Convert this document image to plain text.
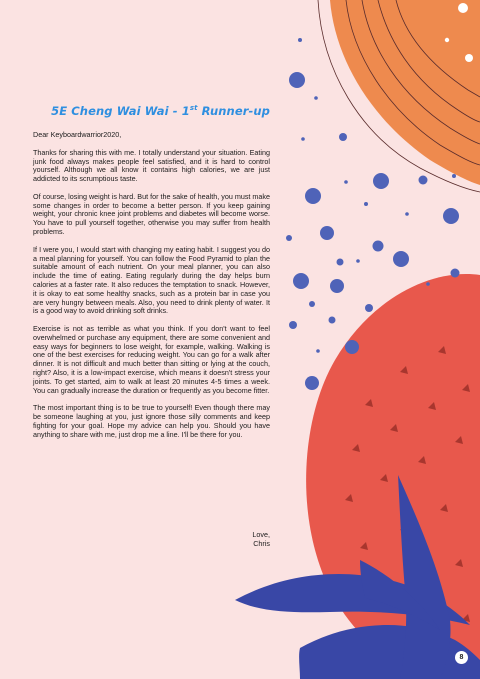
5E Cheng Wai Wai - 1st Runner-up

Dear Keyboardwarrior2020,

Thanks for sharing this with me. I totally understand your situation. Eating junk food always makes people feel satisfied, and it is hard to control yourself. Although we all know it contains high calories, we are just addicted to its scrumptious taste.

Of course, losing weight is hard. But for the sake of health, you must make some changes in order to become a better person. If you keep gaining weight, your chronic knee joint problems and diabetes will become worse. You have to pull yourself together, otherwise you may suffer from health problems.

If I were you, I would start with changing my eating habit. I suggest you do a meal planning for yourself. You can follow the Food Pyramid to plan the suitable amount of each nutrient. On your meal planner, you can also include the time of eating. Eating regularly during the day helps burn calories at a faster rate. It also reduces the temptation to snack. However, it is okay to eat some healthy snacks, such as a protein bar in case you are very hungry between meals. Also, you need to drink plenty of water. It is a good way to avoid drinking soft drinks.

Exercise is not as terrible as what you think. If you don't want to feel overwhelmed or purchase any equipment, there are some convenient and easy ways for beginners to lose weight, for example, walking. Walking is one of the best exercises for reducing weight. You can go for a walk after dinner. It is not difficult and much better than sitting or lying at the couch, right? Also, it is a low-impact exercise, which means it doesn't stress your joints. To get started, aim to walk at least 20 minutes 4-5 times a week. You can gradually increase the duration or frequently as you become fitter.

The most important thing is to be true to yourself! Even though there may be someone laughing at you, just ignore those silly comments and keep fighting for your goal. Hope my advice can help you. Should you have anything to share with me, just drop me a line. I'll be there for you.

Love,
Chris
8
